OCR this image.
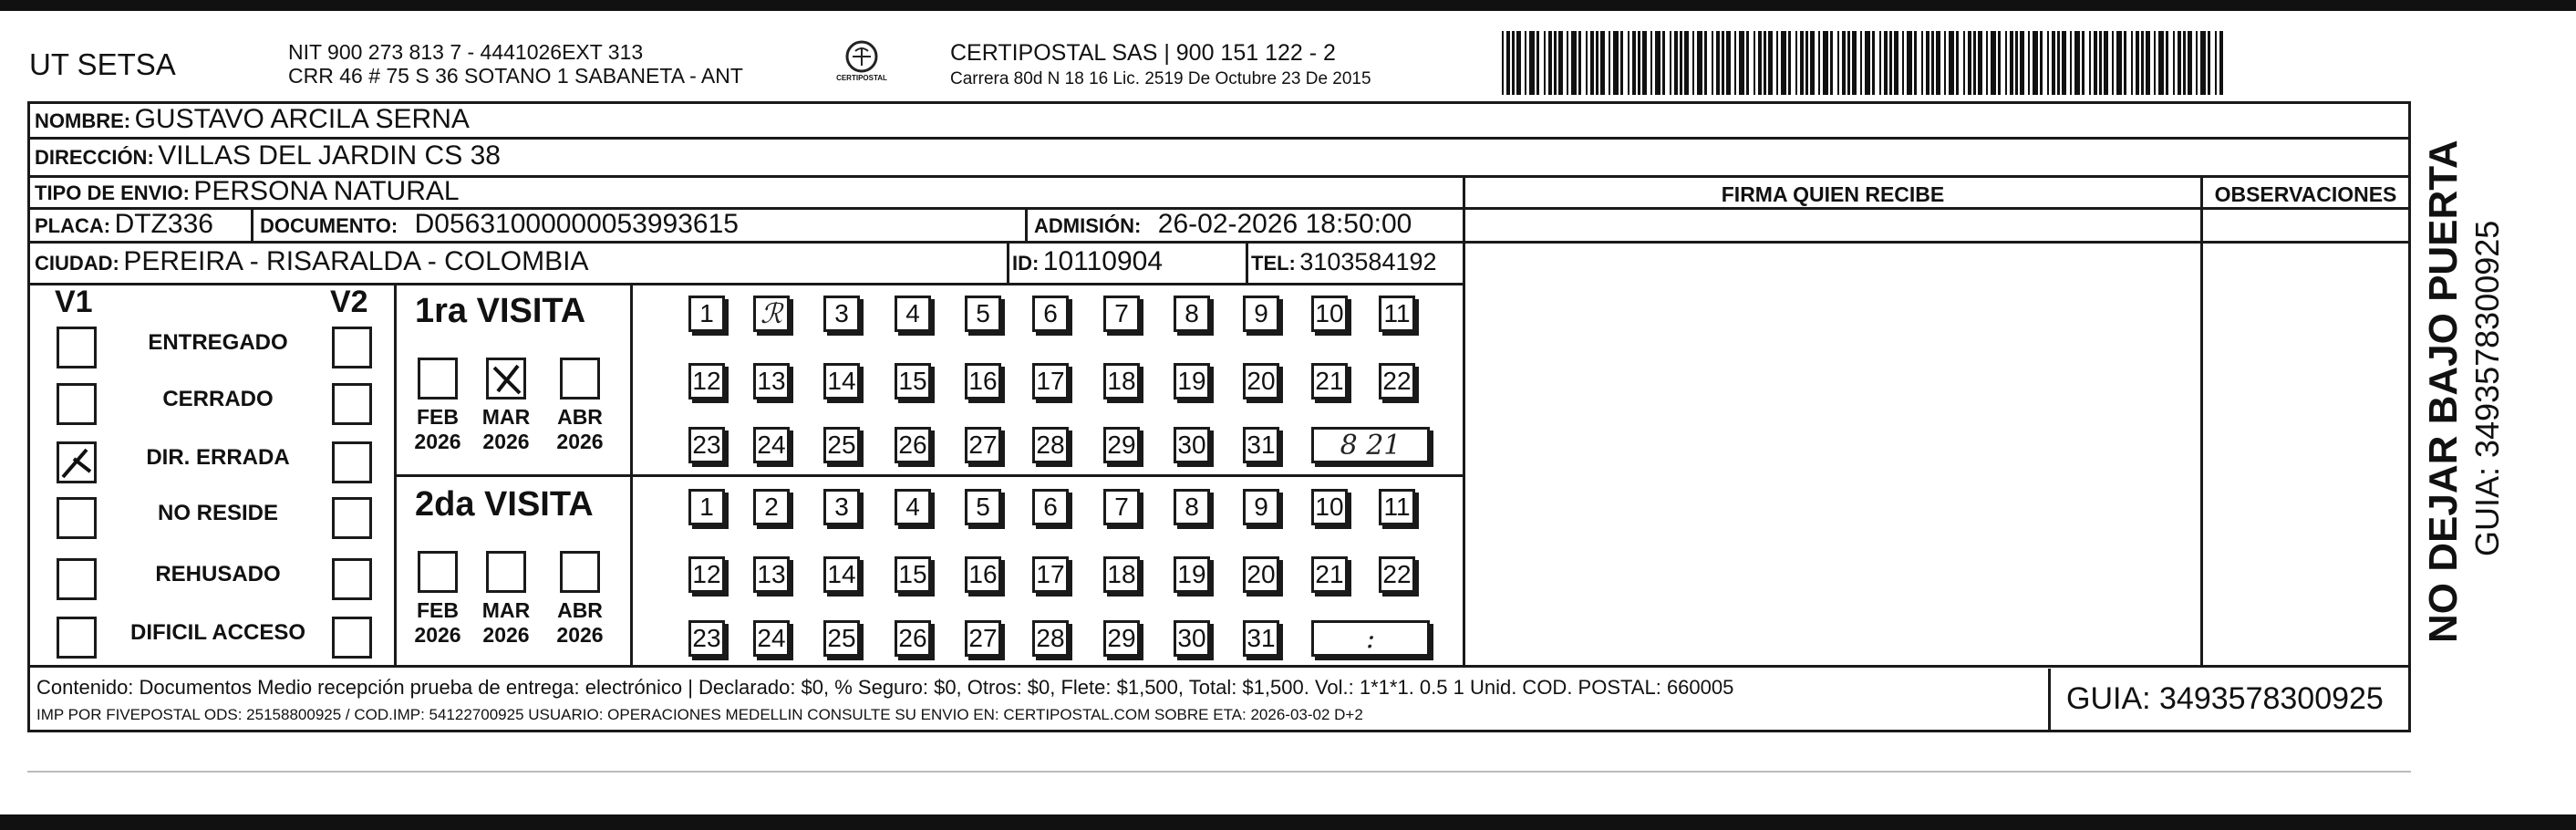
UT SETSA	NIT 900 273 813 7 - 4441026EXT 313
CRR 46 # 75 S 36 SOTANO 1 SABANETA - ANT	CERTIPOSTAL
CERTIPOSTAL SAS | 900 151 122 - 2
Carrera 80d N 18 16 Lic. 2519 De Octubre 23 De 2015
NOMBRE: GUSTAVO ARCILA SERNA
DIRECCIÓN: VILLAS DEL JARDIN CS 38
TIPO DE ENVIO: PERSONA NATURAL	FIRMA QUIEN RECIBE	OBSERVACIONES
PLACA: DTZ336 DOCUMENTO: D05631000000053993615	ADMISIÓN: 26-02-2026 18:50:00
CIUDAD: PEREIRA - RISARALDA - COLOMBIA	ID: 10110904	TEL: 3103584192
V1	V2
ENTREGADO
CERRADO
DIR. ERRADA
NO RESIDE
REHUSADO
DIFICIL ACCESO
1ra VISITA
FEB 2026
MAR 2026
ABR 2026
1	ℛ	3	4	5	6	7	8	9	10 11
12 13 14 15 16 17 18 19 20 21 22
23 24 25 26 27 28 29 30 31 8 21
2da VISITA
FEB 2026
MAR 2026
ABR 2026
1	2	3	4	5	6	7	8	9	10 11
12 13 14 15 16 17 18 19 20 21 22
23 24 25 26 27 28 29 30 31	:	NO DEJAR BAJO PUERTA GUIA: 3493578300925
Contenido: Documentos Medio recepción prueba de entrega: electrónico | Declarado: $0, % Seguro: $0, Otros: $0, Flete: $1,500, Total: $1,500. Vol.: 1*1*1. 0.5 1 Unid. COD. POSTAL: 660005
IMP POR FIVEPOSTAL ODS: 25158800925 / COD.IMP: 54122700925 USUARIO: OPERACIONES MEDELLIN CONSULTE SU ENVIO EN: CERTIPOSTAL.COM SOBRE ETA: 2026-03-02 D+2	GUIA: 3493578300925
